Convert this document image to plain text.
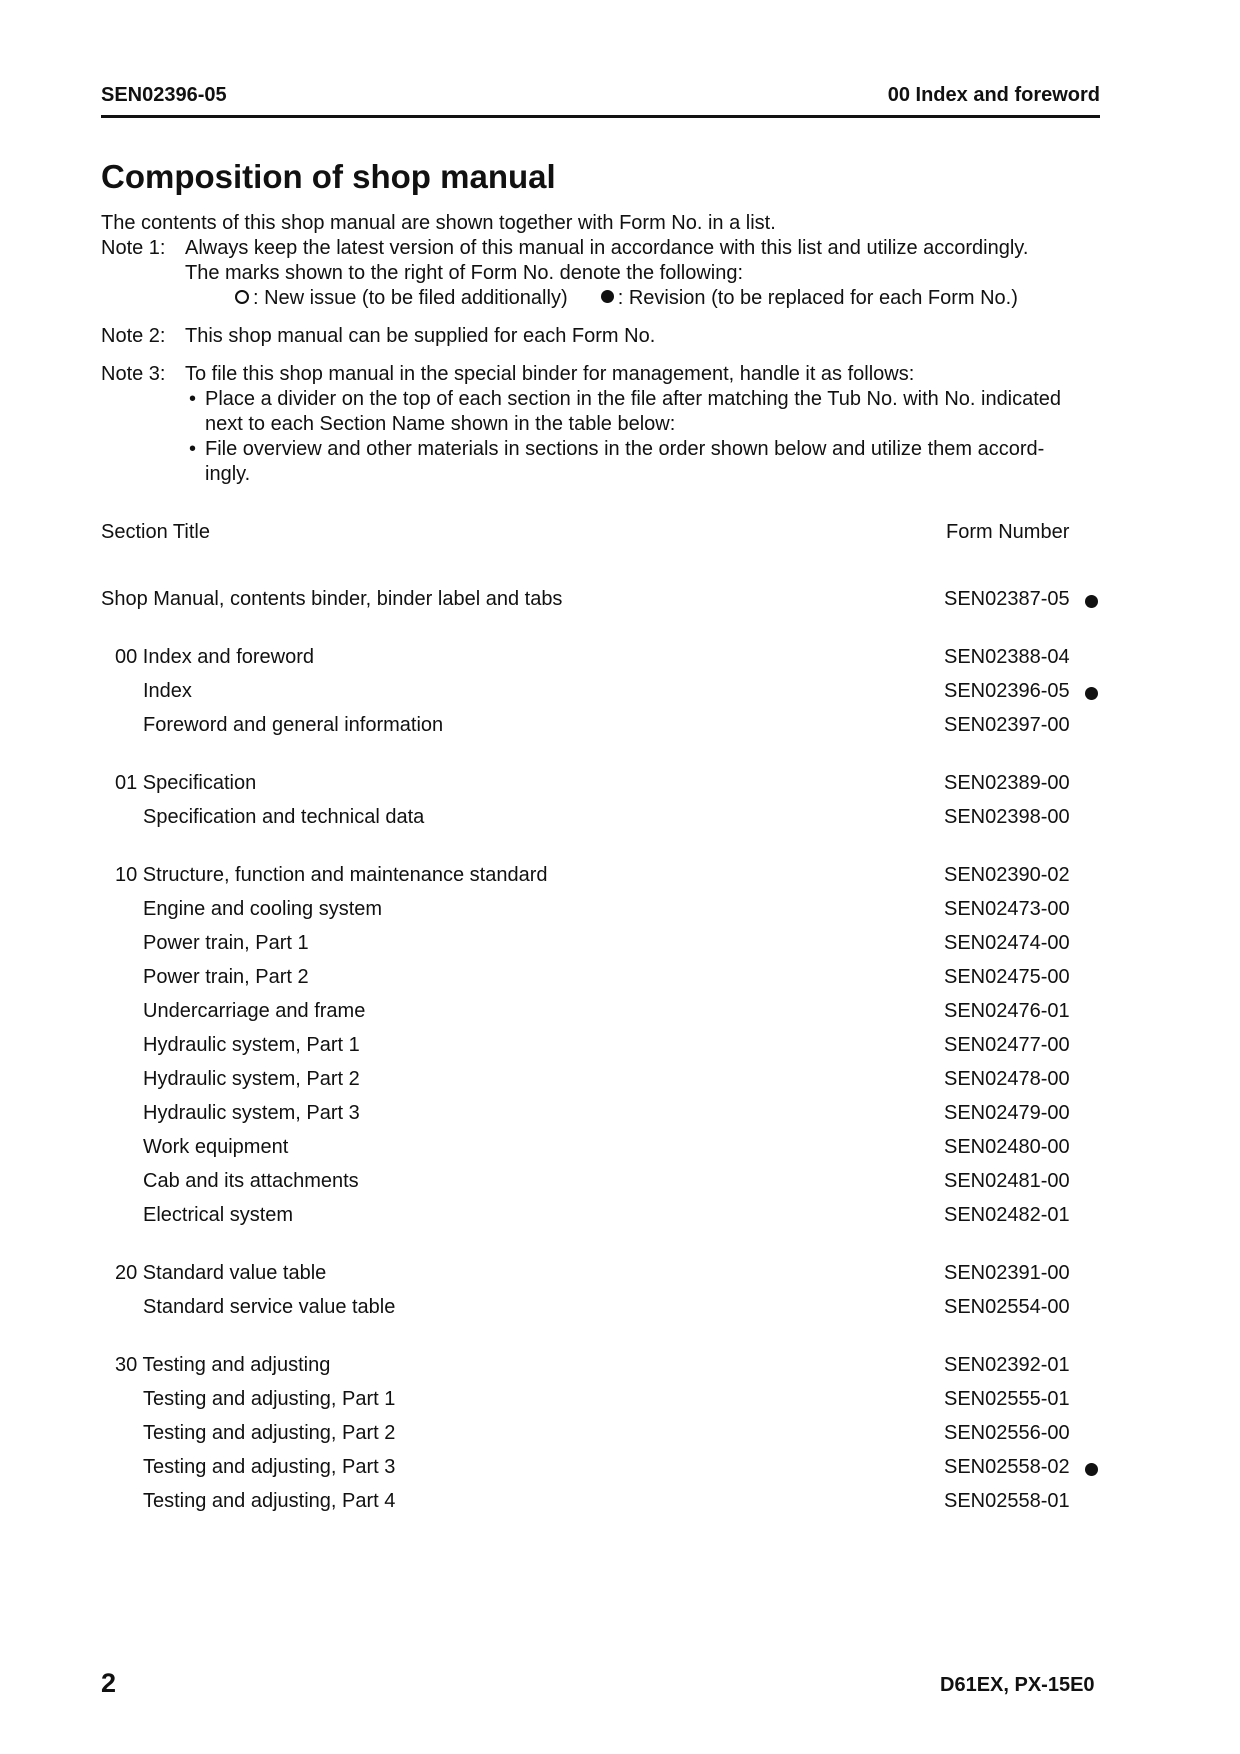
SEN02396-05	00 Index and foreword
Composition of shop manual
The contents of this shop manual are shown together with Form No. in a list.
Note 1: Always keep the latest version of this manual in accordance with this list and utilize accordingly.
The marks shown to the right of Form No. denote the following:
: New issue (to be filed additionally)	: Revision (to be replaced for each Form No.)
Note 2: This shop manual can be supplied for each Form No.
Note 3: To file this shop manual in the special binder for management, handle it as follows:
• Place a divider on the top of each section in the file after matching the Tub No. with No. indicated
next to each Section Name shown in the table below:
• File overview and other materials in sections in the order shown below and utilize them accord-
ingly.
Section Title	Form Number
Shop Manual, contents binder, binder label and tabs	SEN02387-05
00 Index and foreword	SEN02388-04
Index	SEN02396-05
Foreword and general information	SEN02397-00
01 Specification	SEN02389-00
Specification and technical data	SEN02398-00
10 Structure, function and maintenance standard	SEN02390-02
Engine and cooling system	SEN02473-00
Power train, Part 1	SEN02474-00
Power train, Part 2	SEN02475-00
Undercarriage and frame	SEN02476-01
Hydraulic system, Part 1	SEN02477-00
Hydraulic system, Part 2	SEN02478-00
Hydraulic system, Part 3	SEN02479-00
Work equipment	SEN02480-00
Cab and its attachments	SEN02481-00
Electrical system	SEN02482-01
20 Standard value table	SEN02391-00
Standard service value table	SEN02554-00
30 Testing and adjusting	SEN02392-01
Testing and adjusting, Part 1	SEN02555-01
Testing and adjusting, Part 2	SEN02556-00
Testing and adjusting, Part 3	SEN02558-02
Testing and adjusting, Part 4	SEN02558-01
2	D61EX, PX-15E0
